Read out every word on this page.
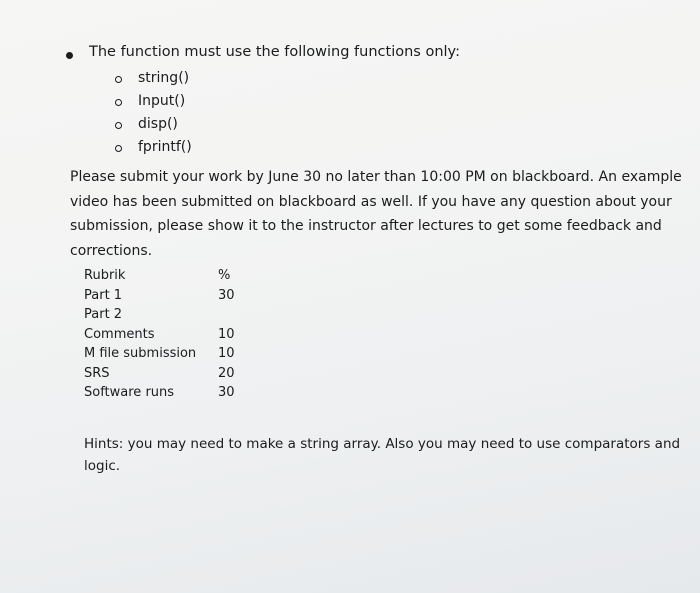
The function must use the following functions only:
string()
Input()
disp()
fprintf()
Please submit your work by June 30 no later than 10:00 PM on blackboard. An example
video has been submitted on blackboard as well. If you have any question about your
submission, please show it to the instructor after lectures to get some feedback and
corrections.
Rubrik	%
Part 1	30
Part 2
Comments	10
M file submission 10
SRS	20
Software runs	30
Hints: you may need to make a string array. Also you may need to use comparators and
logic.
